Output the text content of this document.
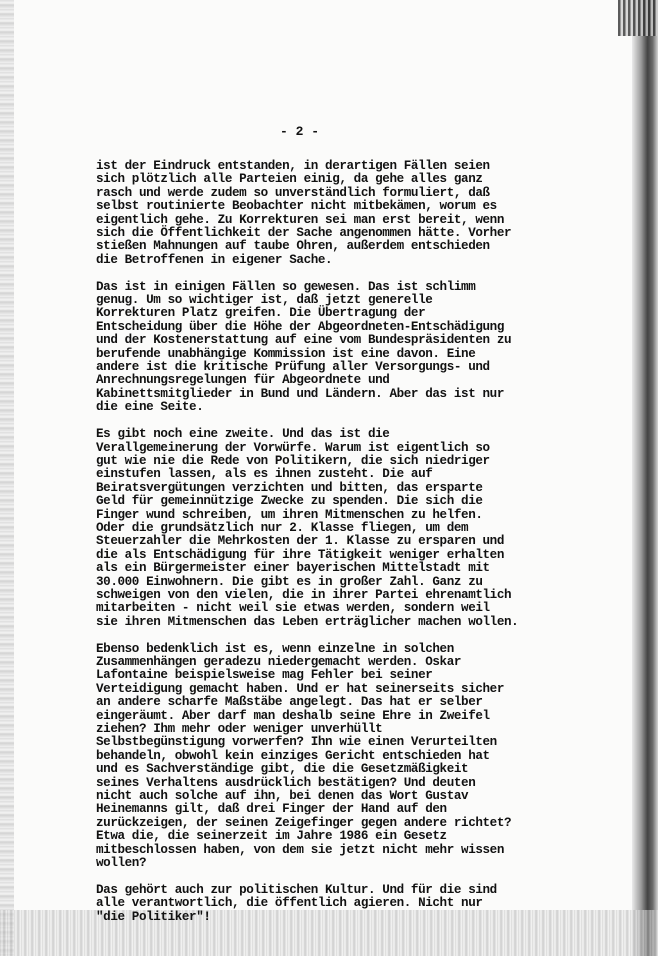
- 2 -
ist der Eindruck entstanden, in derartigen Fällen seien
sich plötzlich alle Parteien einig, da gehe alles ganz
rasch und werde zudem so unverständlich formuliert, daß
selbst routinierte Beobachter nicht mitbekämen, worum es
eigentlich gehe. Zu Korrekturen sei man erst bereit, wenn
sich die Öffentlichkeit der Sache angenommen hätte. Vorher
stießen Mahnungen auf taube Ohren, außerdem entschieden
die Betroffenen in eigener Sache.
Das ist in einigen Fällen so gewesen. Das ist schlimm
genug. Um so wichtiger ist, daß jetzt generelle
Korrekturen Platz greifen. Die Übertragung der
Entscheidung über die Höhe der Abgeordneten-Entschädigung
und der Kostenerstattung auf eine vom Bundespräsidenten zu
berufende unabhängige Kommission ist eine davon. Eine
andere ist die kritische Prüfung aller Versorgungs- und
Anrechnungsregelungen für Abgeordnete und
Kabinettsmitglieder in Bund und Ländern. Aber das ist nur
die eine Seite.
Es gibt noch eine zweite. Und das ist die
Verallgemeinerung der Vorwürfe. Warum ist eigentlich so
gut wie nie die Rede von Politikern, die sich niedriger
einstufen lassen, als es ihnen zusteht. Die auf
Beiratsvergütungen verzichten und bitten, das ersparte
Geld für gemeinnützige Zwecke zu spenden. Die sich die
Finger wund schreiben, um ihren Mitmenschen zu helfen.
Oder die grundsätzlich nur 2. Klasse fliegen, um dem
Steuerzahler die Mehrkosten der 1. Klasse zu ersparen und
die als Entschädigung für ihre Tätigkeit weniger erhalten
als ein Bürgermeister einer bayerischen Mittelstadt mit
30.000 Einwohnern. Die gibt es in großer Zahl. Ganz zu
schweigen von den vielen, die in ihrer Partei ehrenamtlich
mitarbeiten - nicht weil sie etwas werden, sondern weil
sie ihren Mitmenschen das Leben erträglicher machen wollen.
Ebenso bedenklich ist es, wenn einzelne in solchen
Zusammenhängen geradezu niedergemacht werden. Oskar
Lafontaine beispielsweise mag Fehler bei seiner
Verteidigung gemacht haben. Und er hat seinerseits sicher
an andere scharfe Maßstäbe angelegt. Das hat er selber
eingeräumt. Aber darf man deshalb seine Ehre in Zweifel
ziehen? Ihm mehr oder weniger unverhüllt
Selbstbegünstigung vorwerfen? Ihn wie einen Verurteilten
behandeln, obwohl kein einziges Gericht entschieden hat
und es Sachverständige gibt, die die Gesetzmäßigkeit
seines Verhaltens ausdrücklich bestätigen? Und deuten
nicht auch solche auf ihn, bei denen das Wort Gustav
Heinemanns gilt, daß drei Finger der Hand auf den
zurückzeigen, der seinen Zeigefinger gegen andere richtet?
Etwa die, die seinerzeit im Jahre 1986 ein Gesetz
mitbeschlossen haben, von dem sie jetzt nicht mehr wissen
wollen?
Das gehört auch zur politischen Kultur. Und für die sind
alle verantwortlich, die öffentlich agieren. Nicht nur
"die Politiker"!
